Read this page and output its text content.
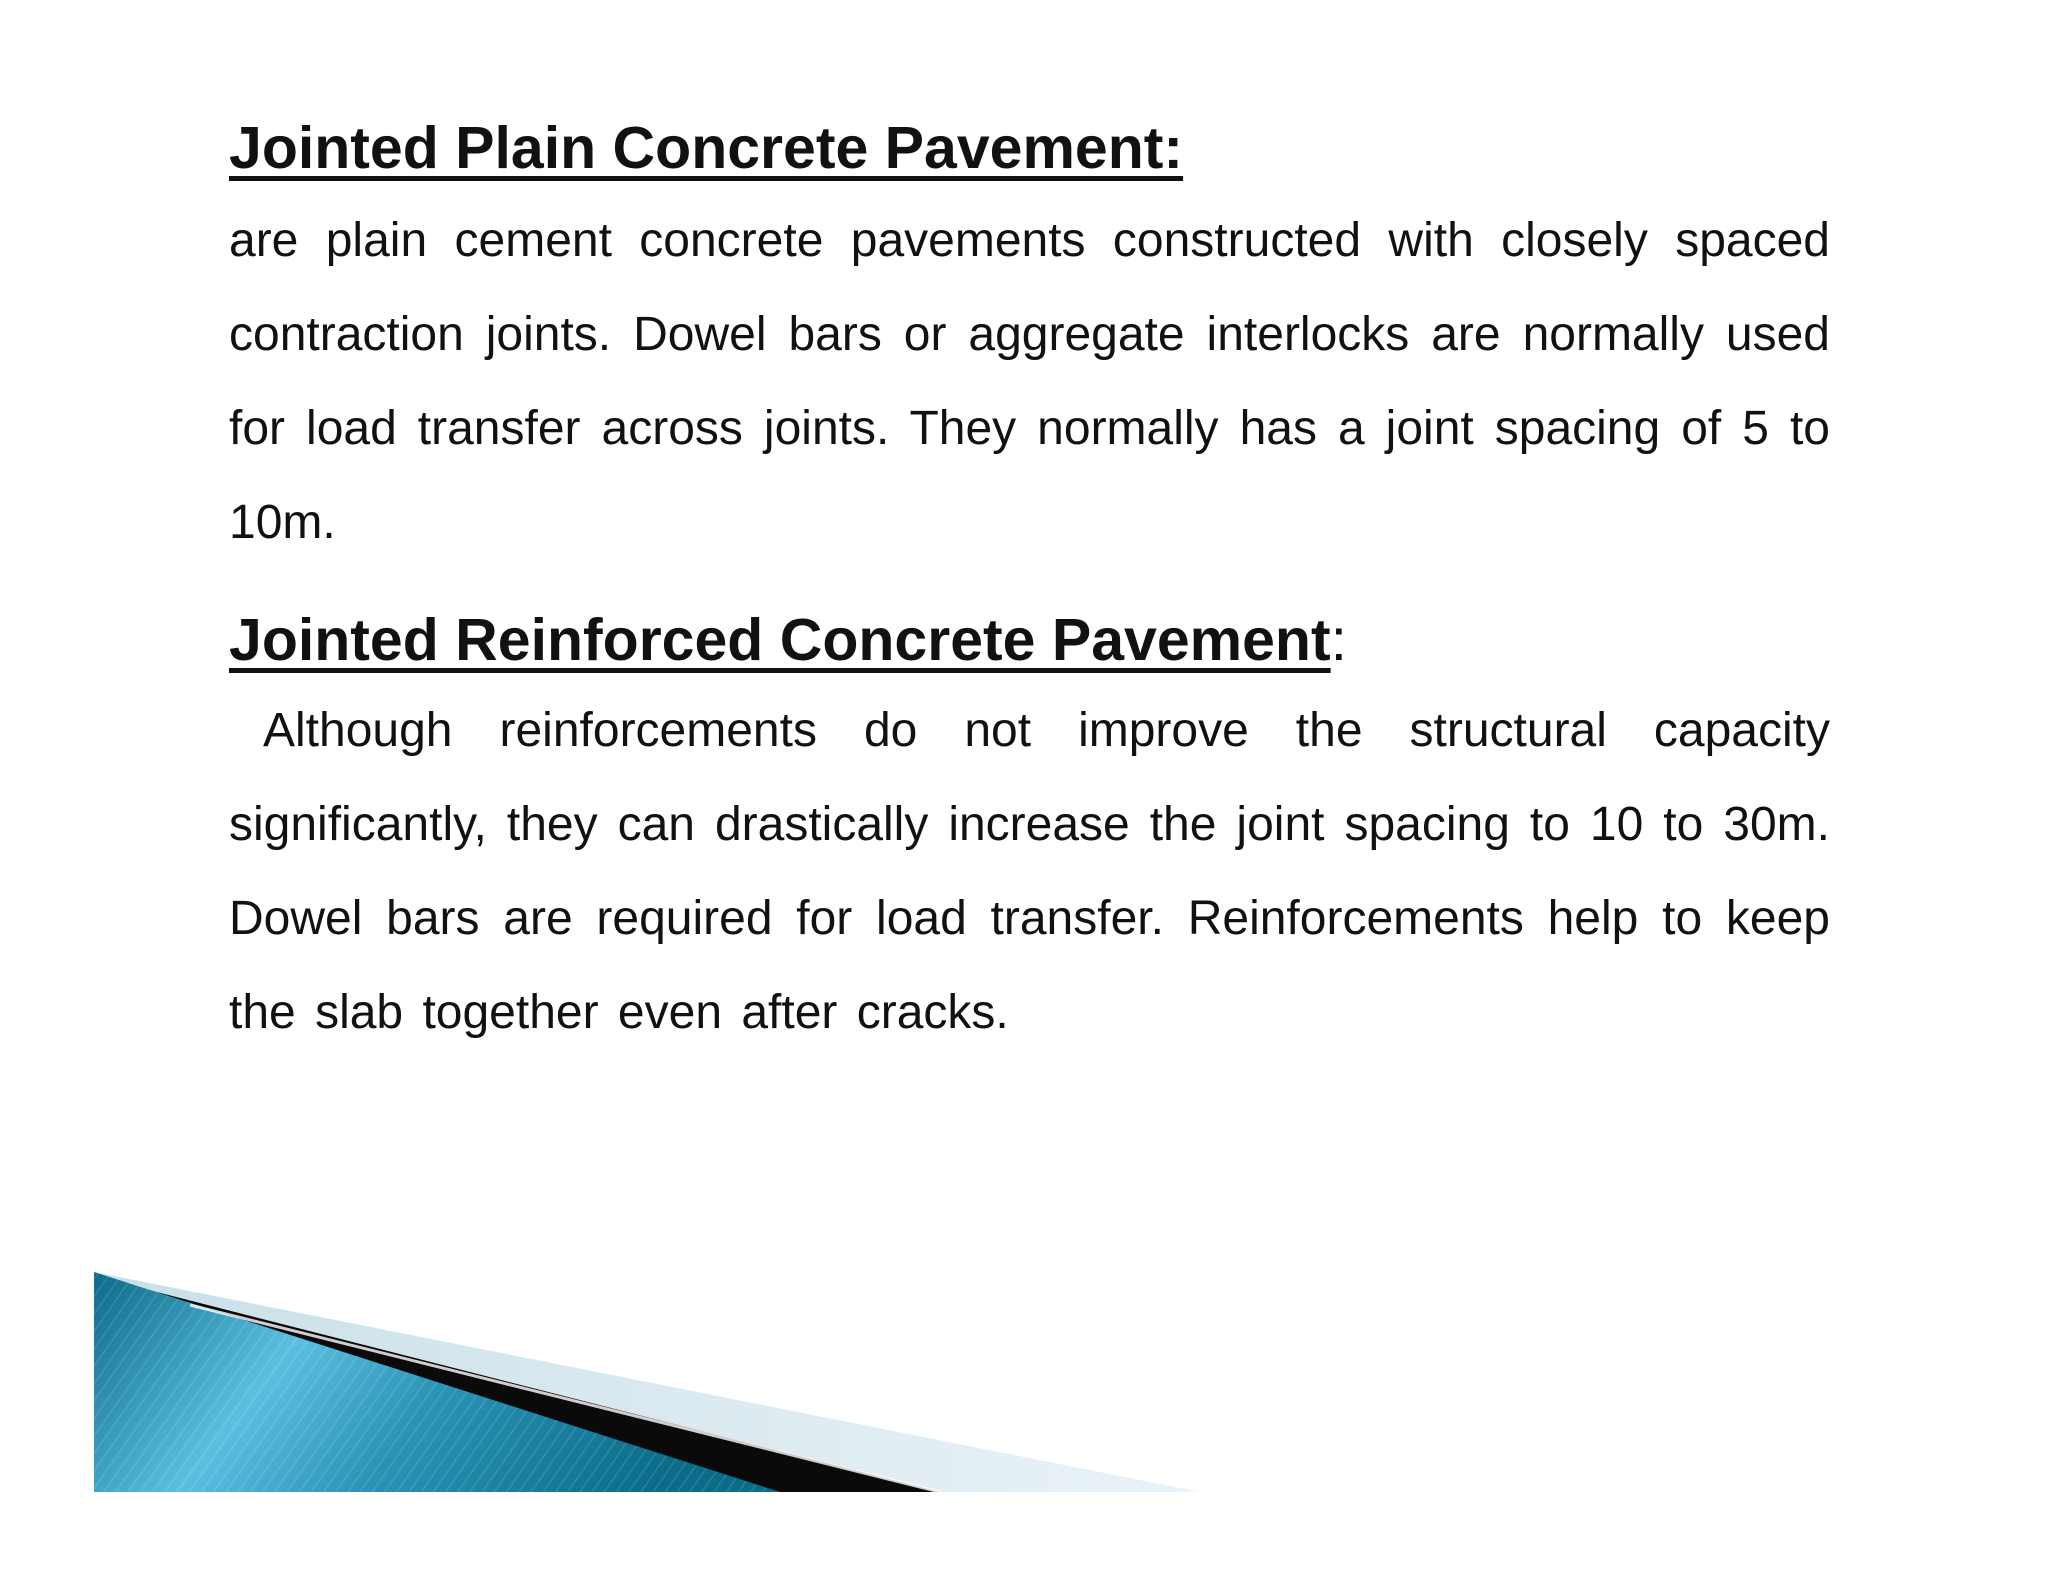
Jointed Plain Concrete Pavement:

are plain cement concrete pavements constructed with closely spaced contraction joints. Dowel bars or aggregate interlocks are normally used for load transfer across joints. They normally has a joint spacing of 5 to 10m.

Jointed Reinforced Concrete Pavement:

Although reinforcements do not improve the structural capacity significantly, they can drastically increase the joint spacing to 10 to 30m. Dowel bars are required for load transfer. Reinforcements help to keep the slab together even after cracks.
